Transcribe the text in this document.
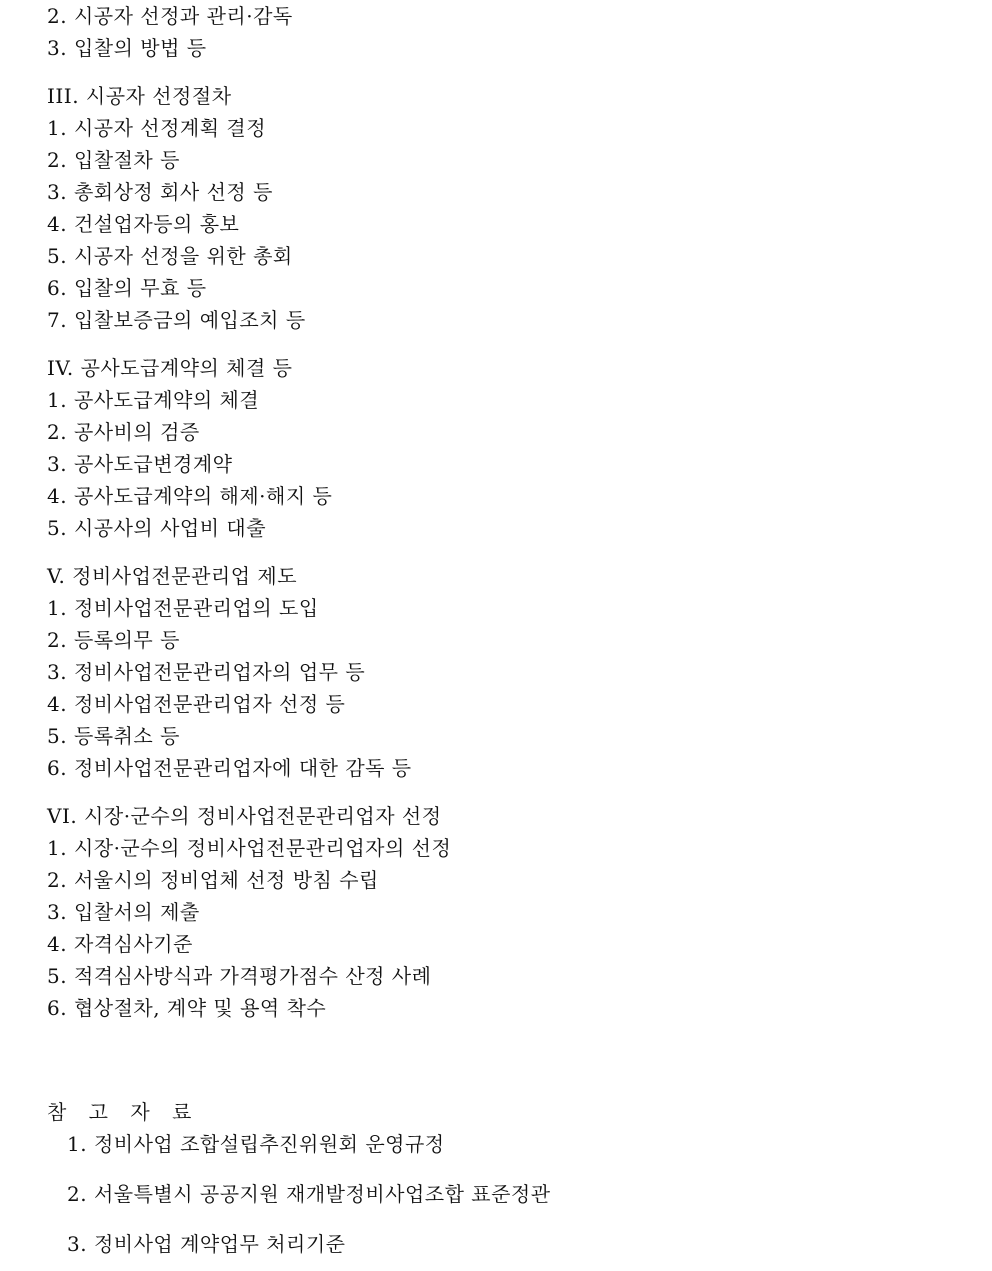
2. 시공자 선정과 관리·감독
3. 입찰의 방법 등
III. 시공자 선정절차
1. 시공자 선정계획 결정
2. 입찰절차 등
3. 총회상정 회사 선정 등
4. 건설업자등의 홍보
5. 시공자 선정을 위한 총회
6. 입찰의 무효 등
7. 입찰보증금의 예입조치 등
IV. 공사도급계약의 체결 등
1. 공사도급계약의 체결
2. 공사비의 검증
3. 공사도급변경계약
4. 공사도급계약의 해제·해지 등
5. 시공사의 사업비 대출
V. 정비사업전문관리업 제도
1. 정비사업전문관리업의 도입
2. 등록의무 등
3. 정비사업전문관리업자의 업무 등
4. 정비사업전문관리업자 선정 등
5. 등록취소 등
6. 정비사업전문관리업자에 대한 감독 등
VI. 시장·군수의 정비사업전문관리업자 선정
1. 시장·군수의 정비사업전문관리업자의 선정
2. 서울시의 정비업체 선정 방침 수립
3. 입찰서의 제출
4. 자격심사기준
5. 적격심사방식과 가격평가점수 산정 사례
6. 협상절차, 계약 및 용역 착수
참 고 자 료
1. 정비사업 조합설립추진위원회 운영규정
2. 서울특별시 공공지원 재개발정비사업조합 표준정관
3. 정비사업 계약업무 처리기준
